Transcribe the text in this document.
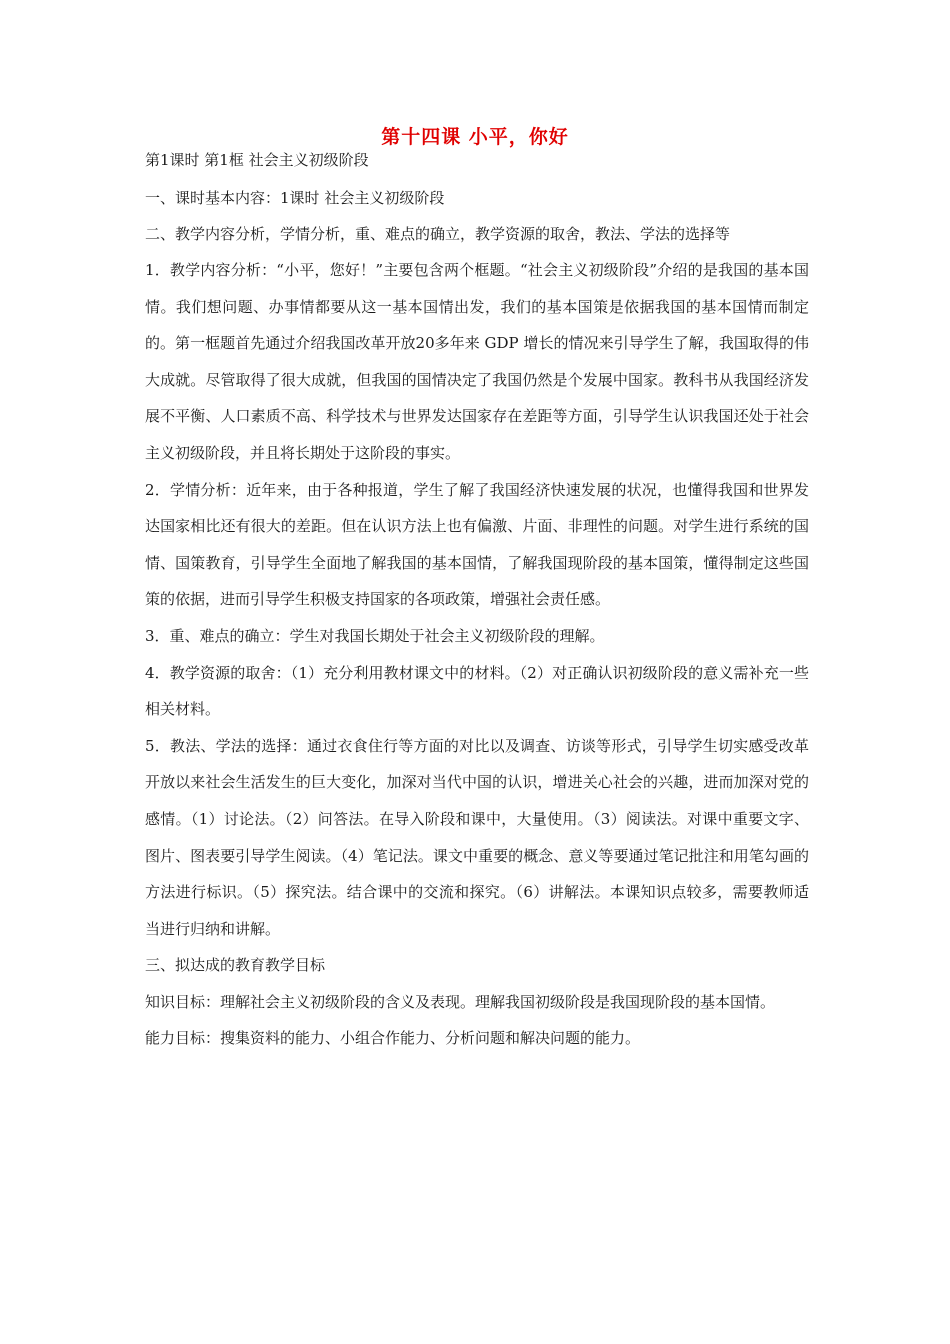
第十四课 小平，你好

第1课时 第1框 社会主义初级阶段

一、课时基本内容：1课时 社会主义初级阶段

二、教学内容分析，学情分析，重、难点的确立，教学资源的取舍，教法、学法的选择等

1．教学内容分析：“小平，您好！”主要包含两个框题。“社会主义初级阶段”介绍的是我国的基本国情。我们想问题、办事情都要从这一基本国情出发，我们的基本国策是依据我国的基本国情而制定的。第一框题首先通过介绍我国改革开放20多年来 GDP 增长的情况来引导学生了解，我国取得的伟大成就。尽管取得了很大成就，但我国的国情决定了我国仍然是个发展中国家。教科书从我国经济发展不平衡、人口素质不高、科学技术与世界发达国家存在差距等方面，引导学生认识我国还处于社会主义初级阶段，并且将长期处于这阶段的事实。

2．学情分析：近年来，由于各种报道，学生了解了我国经济快速发展的状况，也懂得我国和世界发达国家相比还有很大的差距。但在认识方法上也有偏激、片面、非理性的问题。对学生进行系统的国情、国策教育，引导学生全面地了解我国的基本国情，了解我国现阶段的基本国策，懂得制定这些国策的依据，进而引导学生积极支持国家的各项政策，增强社会责任感。

3．重、难点的确立：学生对我国长期处于社会主义初级阶段的理解。

4．教学资源的取舍：（1）充分利用教材课文中的材料。（2）对正确认识初级阶段的意义需补充一些相关材料。

5．教法、学法的选择：通过衣食住行等方面的对比以及调查、访谈等形式，引导学生切实感受改革开放以来社会生活发生的巨大变化，加深对当代中国的认识，增进关心社会的兴趣，进而加深对党的感情。（1）讨论法。（2）问答法。在导入阶段和课中，大量使用。（3）阅读法。对课中重要文字、图片、图表要引导学生阅读。（4）笔记法。课文中重要的概念、意义等要通过笔记批注和用笔勾画的方法进行标识。（5）探究法。结合课中的交流和探究。（6）讲解法。本课知识点较多，需要教师适当进行归纳和讲解。

三、拟达成的教育教学目标

知识目标：理解社会主义初级阶段的含义及表现。理解我国初级阶段是我国现阶段的基本国情。

能力目标：搜集资料的能力、小组合作能力、分析问题和解决问题的能力。
